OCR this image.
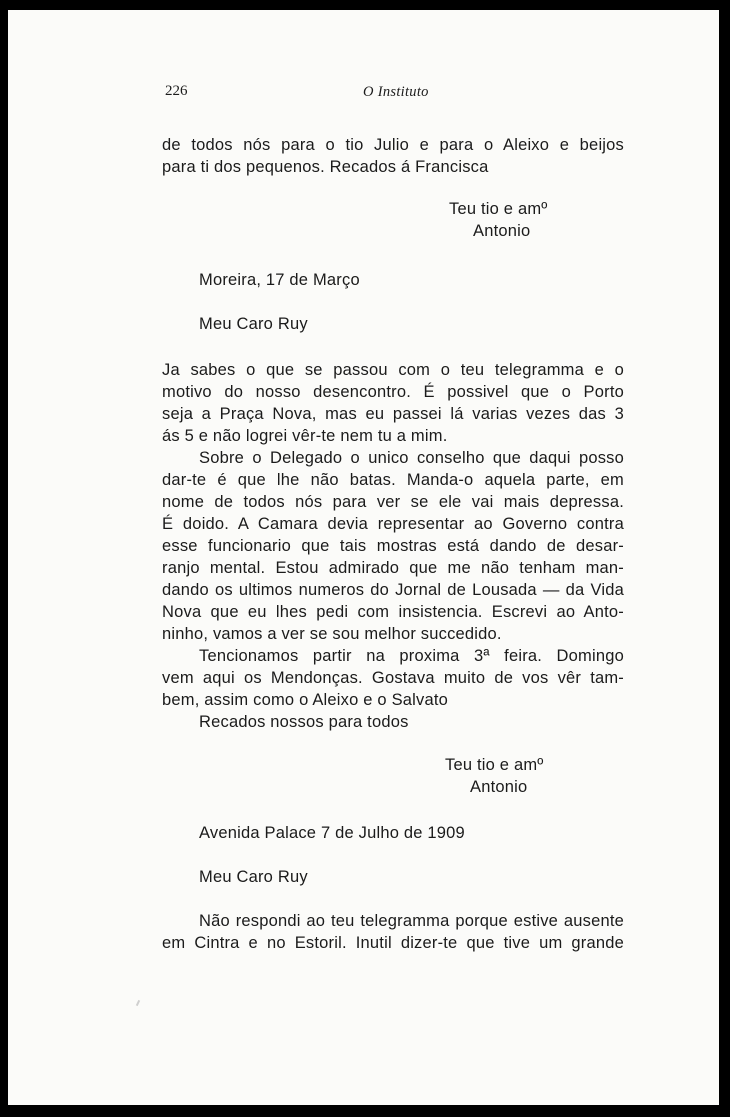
226	O Instituto
de todos nós para o tio Julio e para o Aleixo e beijos
para ti dos pequenos. Recados á Francisca
Teu tio e amº
Antonio
Moreira, 17 de Março
Meu Caro Ruy
Ja sabes o que se passou com o teu telegramma e o
motivo do nosso desencontro. É possivel que o Porto
seja a Praça Nova, mas eu passei lá varias vezes das 3
ás 5 e não logrei vêr-te nem tu a mim.
Sobre o Delegado o unico conselho que daqui posso
dar-te é que lhe não batas. Manda-o aquela parte, em
nome de todos nós para ver se ele vai mais depressa.
É doido. A Camara devia representar ao Governo contra
esse funcionario que tais mostras está dando de desar-
ranjo mental. Estou admirado que me não tenham man-
dando os ultimos numeros do Jornal de Lousada — da Vida
Nova que eu lhes pedi com insistencia. Escrevi ao Anto-
ninho, vamos a ver se sou melhor succedido.
Tencionamos partir na proxima 3ª feira. Domingo
vem aqui os Mendonças. Gostava muito de vos vêr tam-
bem, assim como o Aleixo e o Salvato
Recados nossos para todos
Teu tio e amº
Antonio
Avenida Palace 7 de Julho de 1909
Meu Caro Ruy
Não respondi ao teu telegramma porque estive ausente
em Cintra e no Estoril. Inutil dizer-te que tive um grande
